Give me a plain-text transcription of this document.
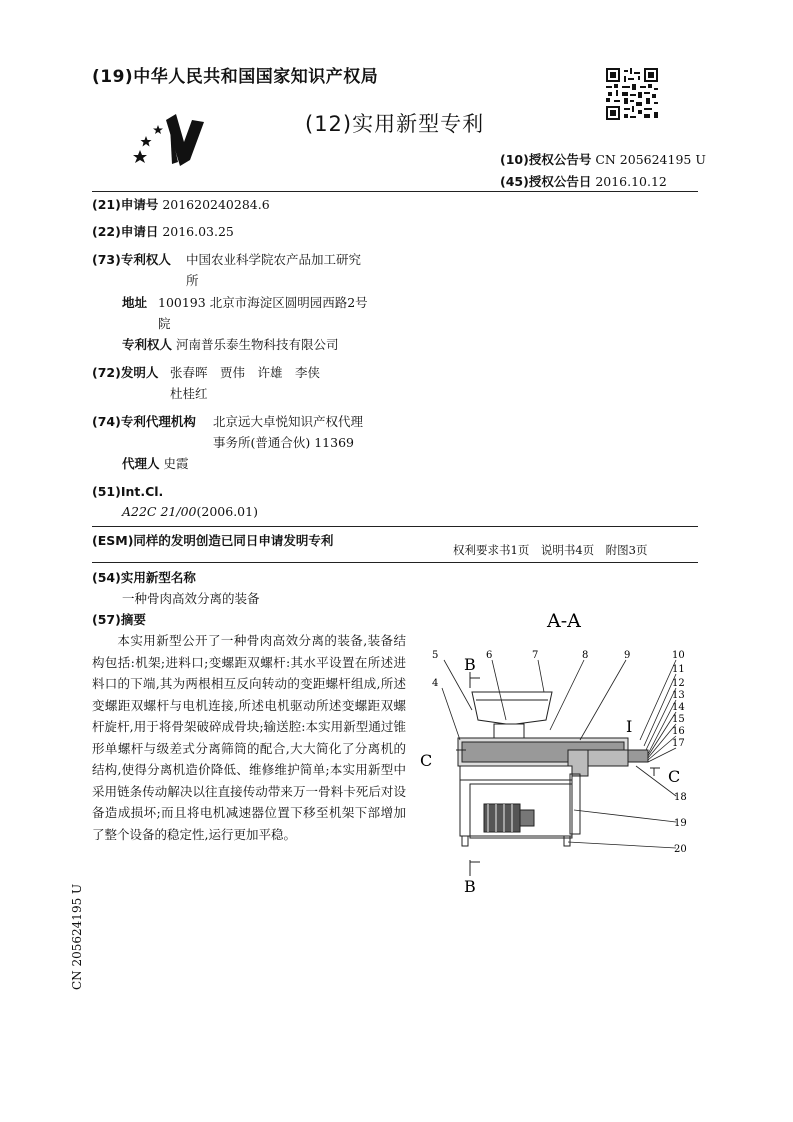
(19)中华人民共和国国家知识产权局
(12)实用新型专利
(10)授权公告号 CN 205624195 U
(45)授权公告日 2016.10.12
(21)申请号 201620240284.6
(22)申请日 2016.03.25
(73)专利权人 中国农业科学院农产品加工研究
所
地址 100193 北京市海淀区圆明园西路2号
院
专利权人 河南普乐泰生物科技有限公司
(72)发明人 张春晖　贾伟　许雄　李侠
杜桂红
(74)专利代理机构 北京远大卓悦知识产权代理
事务所(普通合伙) 11369
代理人 史霞
(51)Int.Cl.
A22C 21/00(2006.01)
(ESM)同样的发明创造已同日申请发明专利
权利要求书1页　说明书4页　附图3页
(54)实用新型名称
一种骨肉高效分离的装备
(57)摘要
本实用新型公开了一种骨肉高效分离的装备,装备结构包括:机架;进料口;变螺距双螺杆:其水平设置在所述进料口的下端,其为两根相互反向转动的变距螺杆组成,所述变螺距双螺杆与电机连接,所述电机驱动所述变螺距双螺杆旋杆,用于将骨架破碎成骨块;输送腔:本实用新型通过锥形单螺杆与级差式分离筛筒的配合,大大简化了分离机的结构,使得分离机造价降低、维修维护简单;本实用新型中采用链条传动解决以往直接传动带来万一骨料卡死后对设备造成损坏;而且将电机减速器位置下移至机架下部增加了整个设备的稳定性,运行更加平稳。
A-A
B
B
C
C
I
5
4
6	7	8	9	10
11
12
13
14
15
16
17
18
19
20
CN 205624195 U
